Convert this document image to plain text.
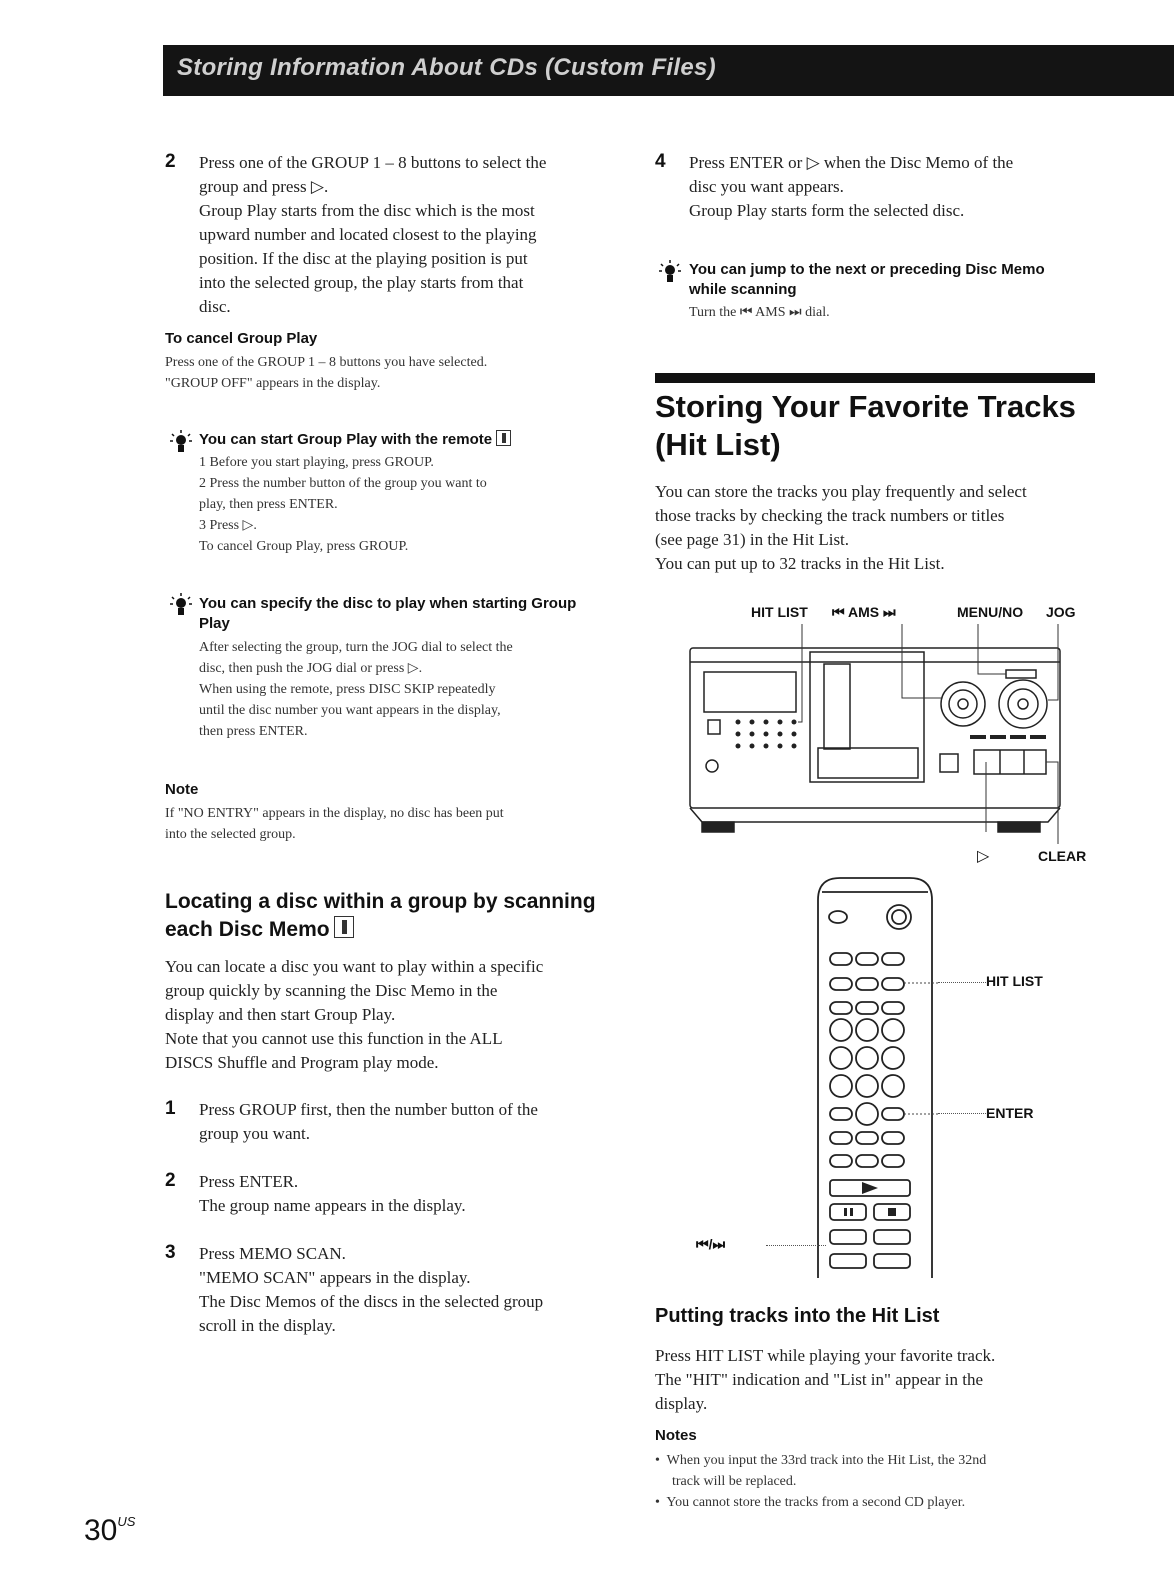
Storing Information About CDs (Custom Files)
2 Press one of the GROUP 1 – 8 buttons to select the
group and press ▷.
Group Play starts from the disc which is the most
upward number and located closest to the playing
position. If the disc at the playing position is put
into the selected group, the play starts from that
disc.
To cancel Group Play
Press one of the GROUP 1 – 8 buttons you have selected.
"GROUP OFF" appears in the display.
You can start Group Play with the remote
1 Before you start playing, press GROUP.
2 Press the number button of the group you want to
play, then press ENTER.
3 Press ▷.
To cancel Group Play, press GROUP.
You can specify the disc to play when starting Group
Play
After selecting the group, turn the JOG dial to select the
disc, then push the JOG dial or press ▷.
When using the remote, press DISC SKIP repeatedly
until the disc number you want appears in the display,
then press ENTER.
Note
If "NO ENTRY" appears in the display, no disc has been put
into the selected group.
Locating a disc within a group by scanning
each Disc Memo
You can locate a disc you want to play within a specific
group quickly by scanning the Disc Memo in the
display and then start Group Play.
Note that you cannot use this function in the ALL
DISCS Shuffle and Program play mode.
1 Press GROUP first, then the number button of the
group you want.
2 Press ENTER.
The group name appears in the display.
3 Press MEMO SCAN.
"MEMO SCAN" appears in the display.
The Disc Memos of the discs in the selected group
scroll in the display.
$30^{US}$
4 Press ENTER or ▷ when the Disc Memo of the
disc you want appears.
Group Play starts form the selected disc.
You can jump to the next or preceding Disc Memo
while scanning
Turn the ⏮ AMS ⏭ dial.
Storing Your Favorite Tracks
(Hit List)
You can store the tracks you play frequently and select
those tracks by checking the track numbers or titles
(see page 31) in the Hit List.
You can put up to 32 tracks in the Hit List.
HIT LIST ⏮ AMS ⏭	MENU/NO JOG
▷	CLEAR
HIT LIST
ENTER
⏮/⏭
Putting tracks into the Hit List
Press HIT LIST while playing your favorite track.
The "HIT" indication and "List in" appear in the
display.
Notes
•  When you input the 33rd track into the Hit List, the 32nd
track will be replaced.
•  You cannot store the tracks from a second CD player.
